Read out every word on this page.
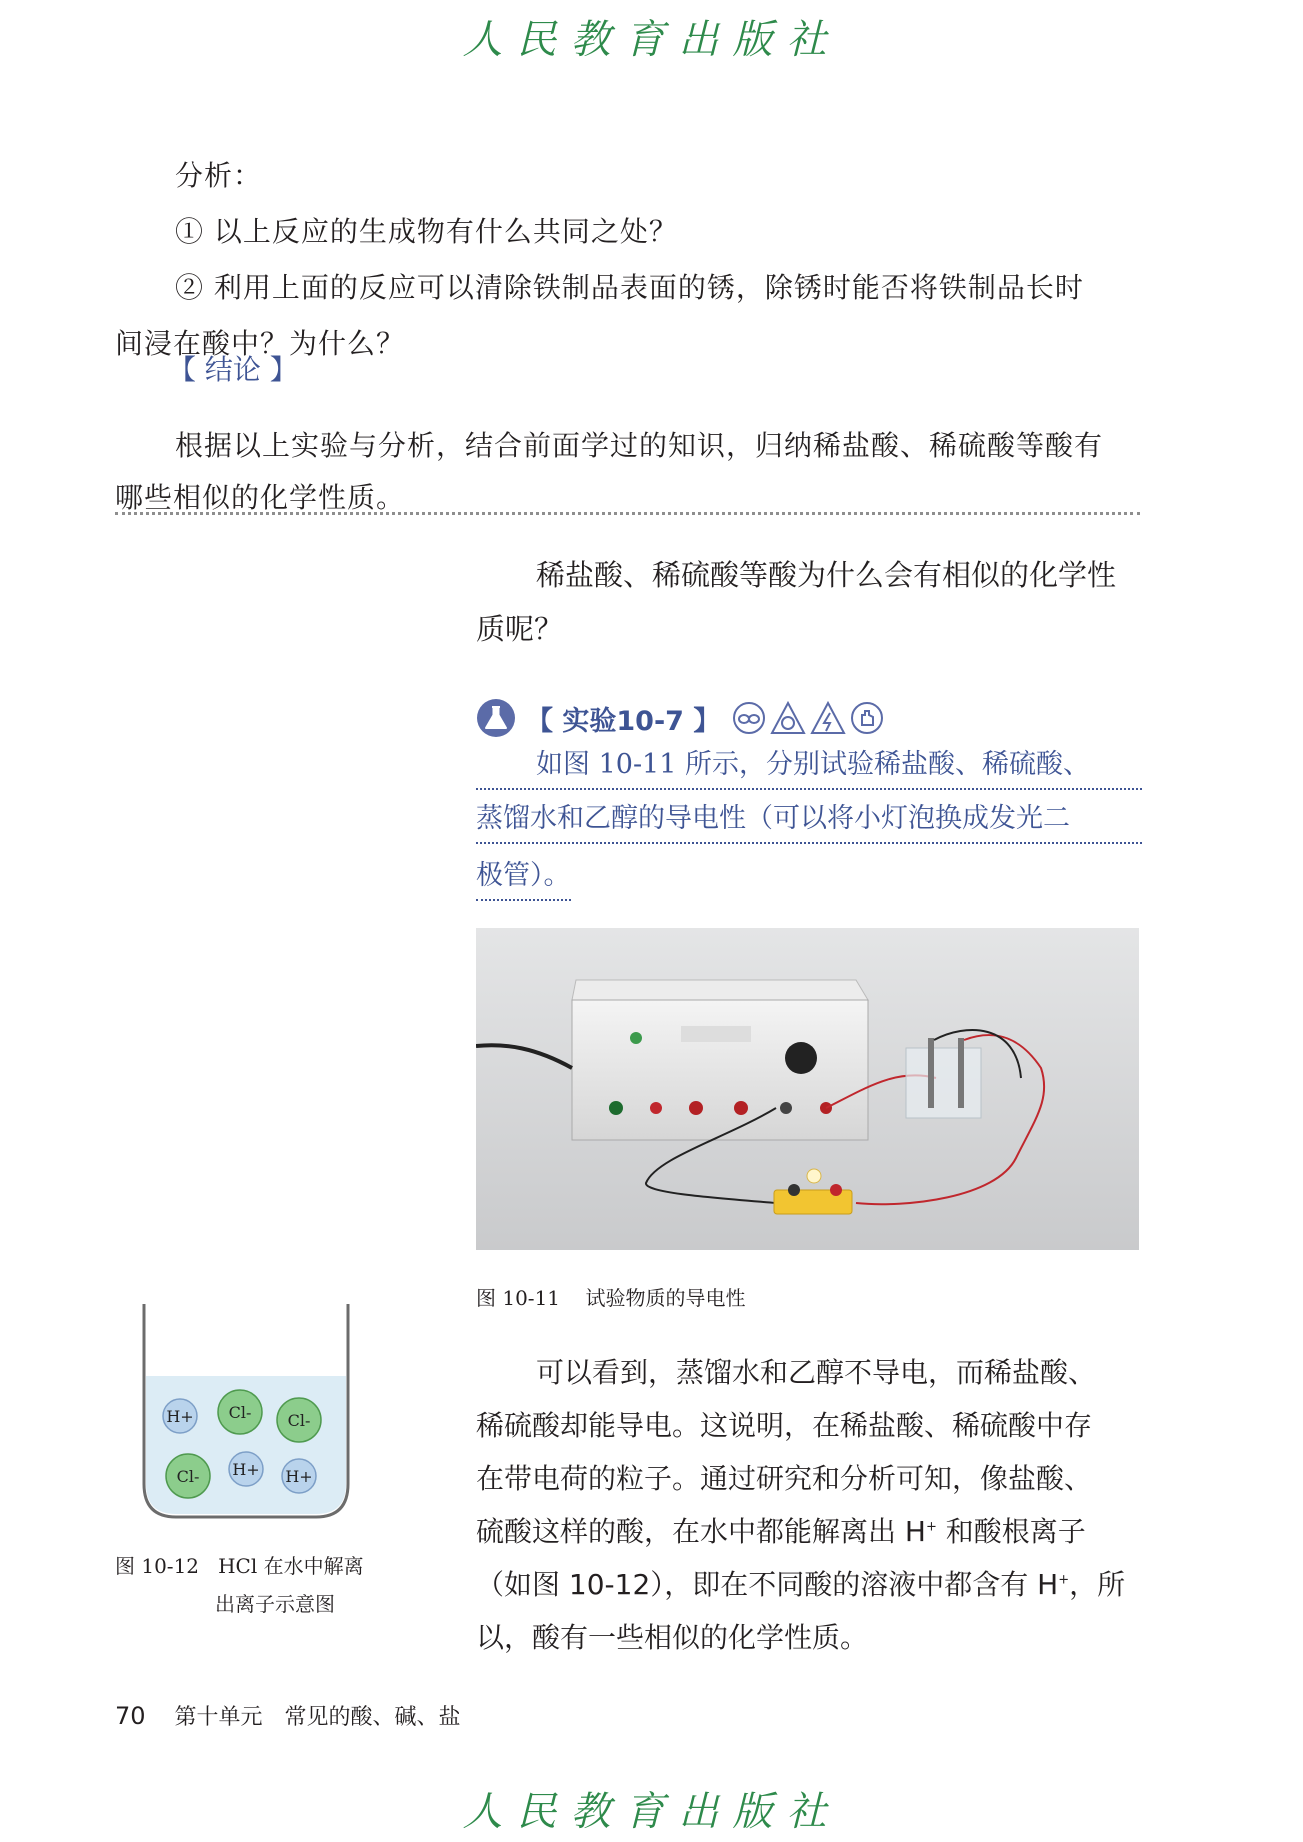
人民教育出版社
分析：
① 以上反应的生成物有什么共同之处？
② 利用上面的反应可以清除铁制品表面的锈，除锈时能否将铁制品长时
间浸在酸中？为什么？
【 结论 】
根据以上实验与分析，结合前面学过的知识，归纳稀盐酸、稀硫酸等酸有
哪些相似的化学性质。
稀盐酸、稀硫酸等酸为什么会有相似的化学性质呢？
【 实验10-7 】
如图 10-11 所示，分别试验稀盐酸、稀硫酸、
蒸馏水和乙醇的导电性（可以将小灯泡换成发光二
极管）。
图 10-11 试验物质的导电性
H+ Cl- Cl-
Cl- H+ H+
图 10-12 HCl 在水中解离
出离子示意图
可以看到，蒸馏水和乙醇不导电，而稀盐酸、
稀硫酸却能导电。这说明，在稀盐酸、稀硫酸中存
在带电荷的粒子。通过研究和分析可知，像盐酸、
硫酸这样的酸，在水中都能解离出 H+ 和酸根离子
（如图 10-12），即在不同酸的溶液中都含有 H+，所
以，酸有一些相似的化学性质。
70 第十单元　常见的酸、碱、盐
人民教育出版社
